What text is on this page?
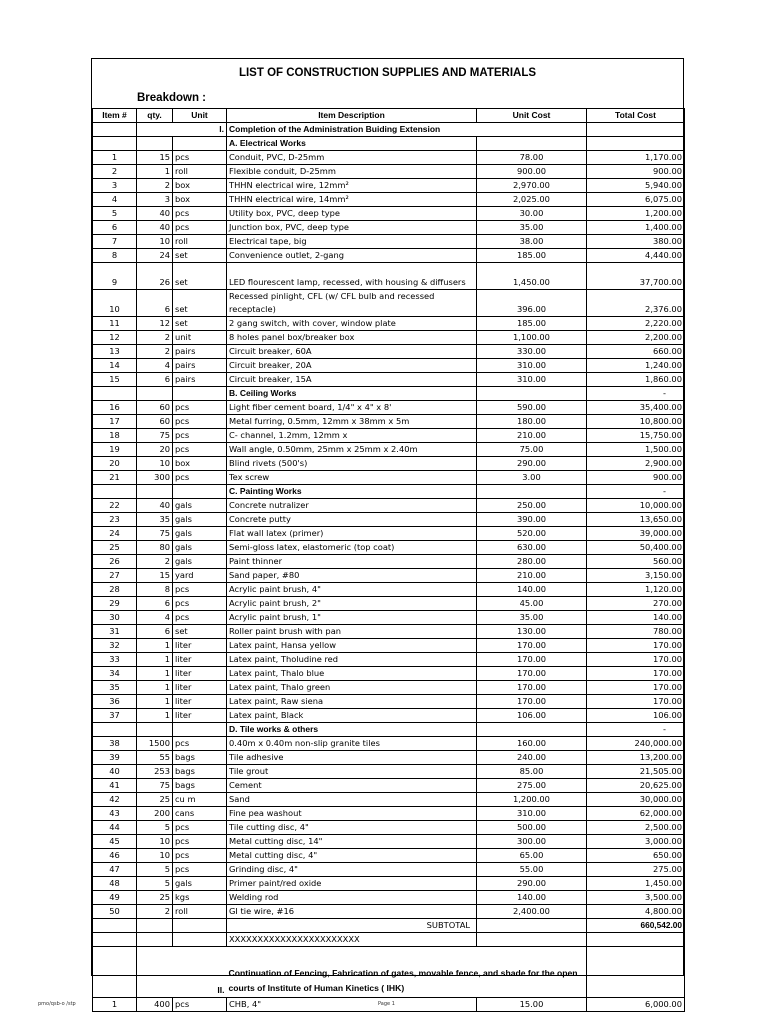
LIST OF CONSTRUCTION SUPPLIES AND MATERIALS
Breakdown :
Item #	qty.	Unit	Item Description	Unit Cost	Total Cost
	I.		Completion of the Administration Buiding Extension		
			A. Electrical Works		
1	15	pcs	Conduit, PVC, D-25mm	78.00	1,170.00
2	1	roll	Flexible conduit, D-25mm	900.00	900.00
3	2	box	THHN electrical wire, 12mm²	2,970.00	5,940.00
4	3	box	THHN electrical wire, 14mm²	2,025.00	6,075.00
5	40	pcs	Utility box, PVC, deep type	30.00	1,200.00
6	40	pcs	Junction box, PVC, deep type	35.00	1,400.00
7	10	roll	Electrical tape, big	38.00	380.00
8	24	set	Convenience outlet, 2-gang	185.00	4,440.00
9	26	set	LED flourescent lamp, recessed, with housing & diffusers	1,450.00	37,700.00
10	6	set	Recessed pinlight, CFL (w/ CFL bulb and recessed receptacle)	396.00	2,376.00
11	12	set	2 gang switch, with cover, window plate	185.00	2,220.00
12	2	unit	8 holes panel box/breaker box	1,100.00	2,200.00
13	2	pairs	Circuit breaker, 60A	330.00	660.00
14	4	pairs	Circuit breaker, 20A	310.00	1,240.00
15	6	pairs	Circuit breaker, 15A	310.00	1,860.00
			B. Ceiling Works		-
16	60	pcs	Light fiber cement board, 1/4" x 4" x 8'	590.00	35,400.00
17	60	pcs	Metal furring, 0.5mm, 12mm x 38mm x 5m	180.00	10,800.00
18	75	pcs	C- channel, 1.2mm, 12mm x	210.00	15,750.00
19	20	pcs	Wall angle, 0.50mm, 25mm x 25mm x 2.40m	75.00	1,500.00
20	10	box	Blind rivets (500's)	290.00	2,900.00
21	300	pcs	Tex screw	3.00	900.00
			C. Painting Works		-
22	40	gals	Concrete nutralizer	250.00	10,000.00
23	35	gals	Concrete putty	390.00	13,650.00
24	75	gals	Flat wall latex (primer)	520.00	39,000.00
25	80	gals	Semi-gloss latex, elastomeric (top coat)	630.00	50,400.00
26	2	gals	Paint thinner	280.00	560.00
27	15	yard	Sand paper, #80	210.00	3,150.00
28	8	pcs	Acrylic paint brush, 4"	140.00	1,120.00
29	6	pcs	Acrylic paint brush, 2"	45.00	270.00
30	4	pcs	Acrylic paint brush, 1"	35.00	140.00
31	6	set	Roller paint brush with pan	130.00	780.00
32	1	liter	Latex paint, Hansa yellow	170.00	170.00
33	1	liter	Latex paint, Tholudine red	170.00	170.00
34	1	liter	Latex paint, Thalo blue	170.00	170.00
35	1	liter	Latex paint, Thalo green	170.00	170.00
36	1	liter	Latex paint, Raw siena	170.00	170.00
37	1	liter	Latex paint, Black	106.00	106.00
			D. Tile works & others		-
38	1500	pcs	0.40m x 0.40m non-slip granite tiles	160.00	240,000.00
39	55	bags	Tile adhesive	240.00	13,200.00
40	253	bags	Tile grout	85.00	21,505.00
41	75	bags	Cement	275.00	20,625.00
42	25	cu m	Sand	1,200.00	30,000.00
43	200	cans	Fine pea washout	310.00	62,000.00
44	5	pcs	Tile cutting disc, 4"	500.00	2,500.00
45	10	pcs	Metal cutting disc, 14"	300.00	3,000.00
46	10	pcs	Metal cutting disc, 4"	65.00	650.00
47	5	pcs	Grinding disc, 4"	55.00	275.00
48	5	gals	Primer paint/red oxide	290.00	1,450.00
49	25	kgs	Welding rod	140.00	3,500.00
50	2	roll	GI tie wire, #16	2,400.00	4,800.00
			SUBTOTAL		660,542.00
			XXXXXXXXXXXXXXXXXXXXXXX		
	II.		Continuation of Fencing, Fabrication of gates, movable fence, and shade for the open courts of Institute of Human Kinetics ( IHK)		
1	400	pcs	CHB, 4"	15.00	6,000.00
pmo/qsb-o /stp	Page 1
